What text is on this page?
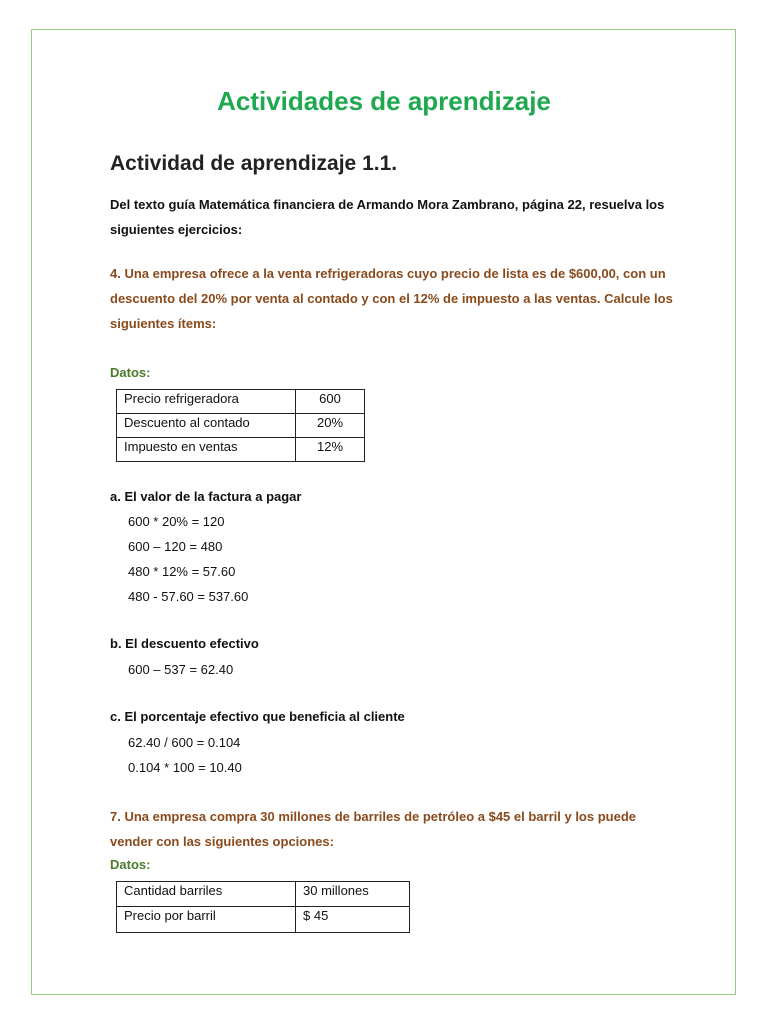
Actividades de aprendizaje
Actividad de aprendizaje 1.1.
Del texto guía Matemática financiera de Armando Mora Zambrano, página 22, resuelva los
siguientes ejercicios:
4. Una empresa ofrece a la venta refrigeradoras cuyo precio de lista es de $600,00, con un
descuento del 20% por venta al contado y con el 12% de impuesto a las ventas. Calcule los
siguientes ítems:
Datos:
Precio refrigeradora	600
Descuento al contado	20%
Impuesto en ventas	12%
a. El valor de la factura a pagar
600 * 20% = 120
600 – 120 = 480
480 * 12% = 57.60
480 - 57.60 = 537.60
b. El descuento efectivo
600 – 537 = 62.40
c. El porcentaje efectivo que beneficia al cliente
62.40 / 600 = 0.104
0.104 * 100 = 10.40
7. Una empresa compra 30 millones de barriles de petróleo a $45 el barril y los puede
vender con las siguientes opciones:
Datos:
Cantidad barriles	30 millones
Precio por barril	$ 45
